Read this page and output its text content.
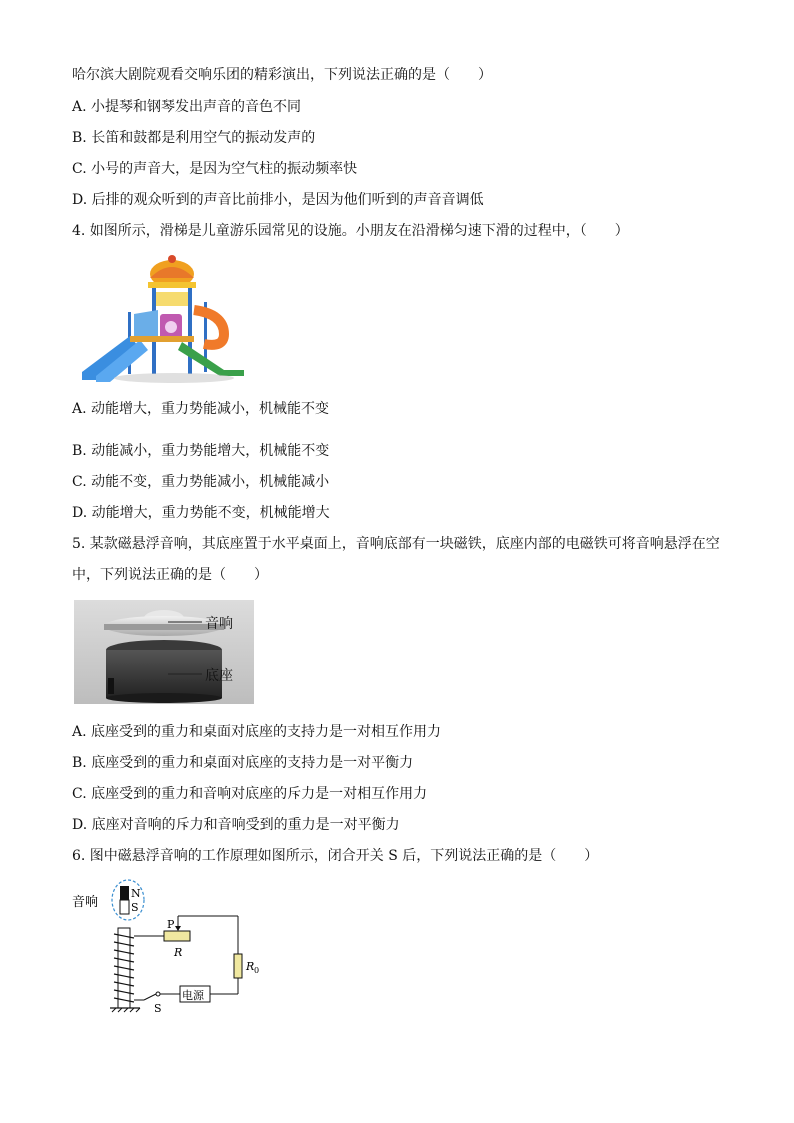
哈尔滨大剧院观看交响乐团的精彩演出，下列说法正确的是（　　）
A. 小提琴和钢琴发出声音的音色不同
B. 长笛和鼓都是利用空气的振动发声的
C. 小号的声音大，是因为空气柱的振动频率快
D. 后排的观众听到的声音比前排小，是因为他们听到的声音音调低
4. 如图所示，滑梯是儿童游乐园常见的设施。小朋友在沿滑梯匀速下滑的过程中，（　　）
A. 动能增大，重力势能减小，机械能不变
B. 动能减小，重力势能增大，机械能不变
C. 动能不变，重力势能减小，机械能减小
D. 动能增大，重力势能不变，机械能增大
5. 某款磁悬浮音响，其底座置于水平桌面上，音响底部有一块磁铁，底座内部的电磁铁可将音响悬浮在空
中，下列说法正确的是（　　）
音响
底座
A. 底座受到的重力和桌面对底座的支持力是一对相互作用力
B. 底座受到的重力和桌面对底座的支持力是一对平衡力
C. 底座受到的重力和音响对底座的斥力是一对相互作用力
D. 底座对音响的斥力和音响受到的重力是一对平衡力
6. 图中磁悬浮音响的工作原理如图所示，闭合开关 S 后，下列说法正确的是（　　）
音响
N
S
P
R
R 0
电源
S
